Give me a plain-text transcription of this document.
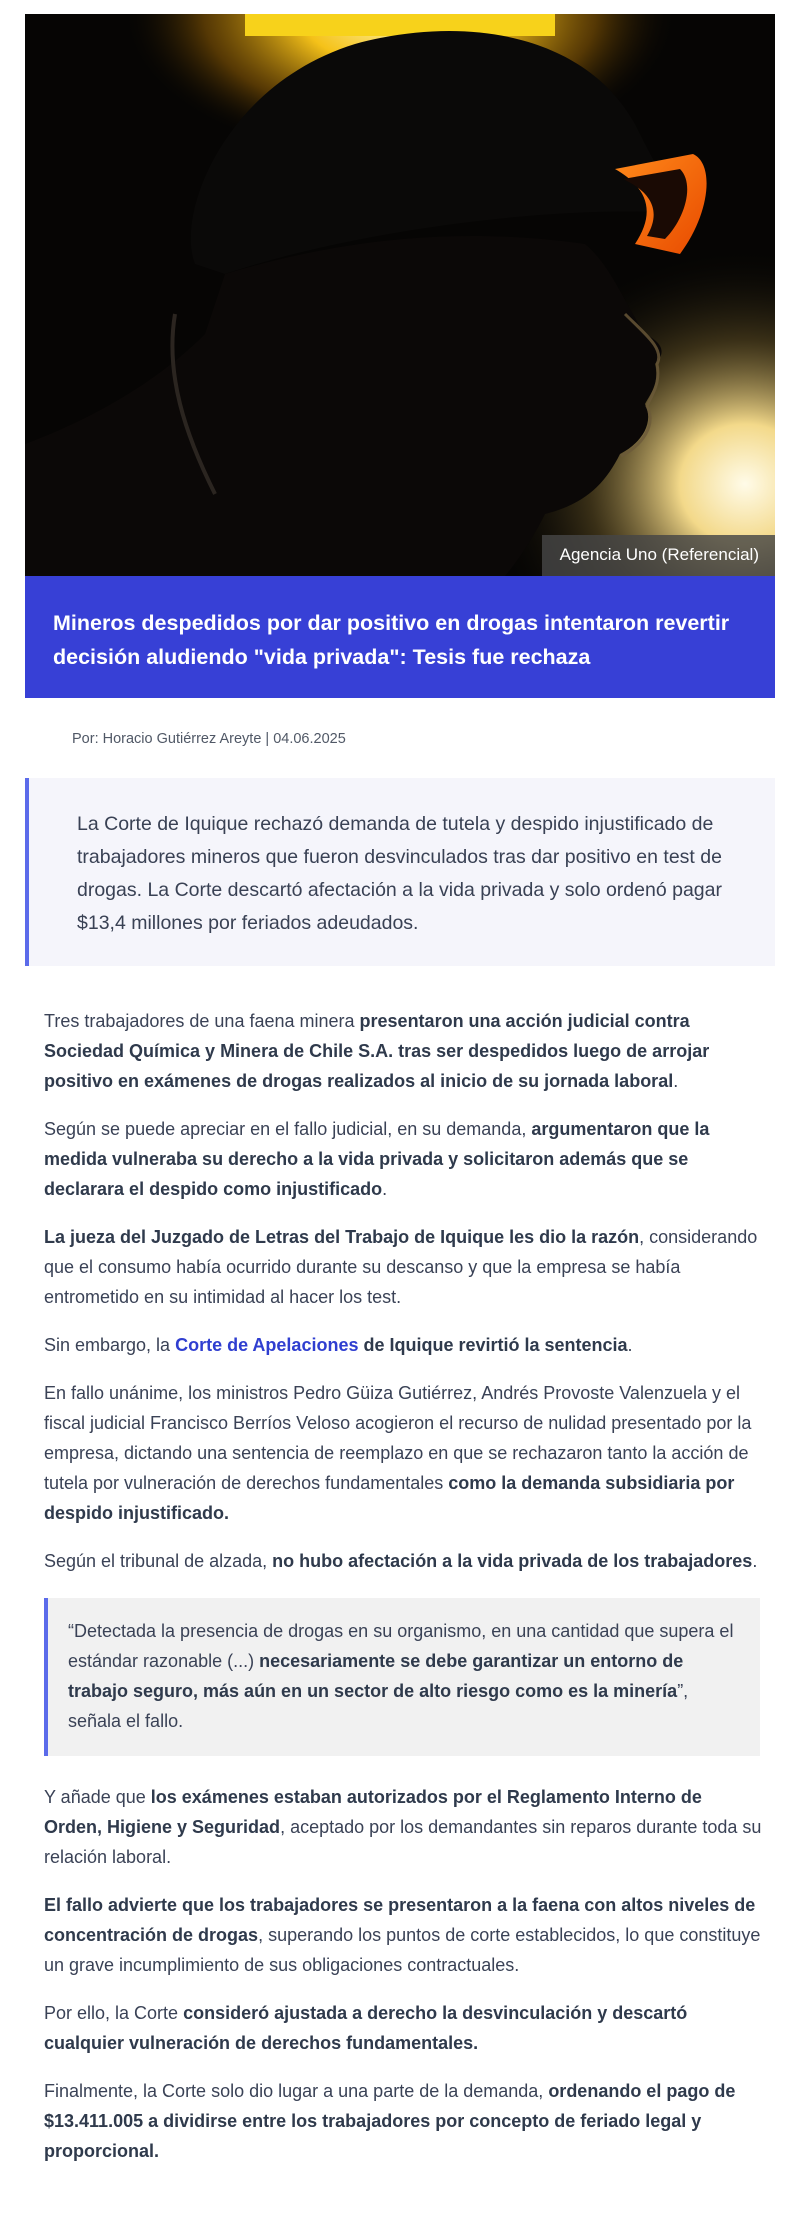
Agencia Uno (Referencial)
Mineros despedidos por dar positivo en drogas intentaron revertir decisión aludiendo "vida privada": Tesis fue rechaza
Por: Horacio Gutiérrez Areyte | 04.06.2025

La Corte de Iquique rechazó demanda de tutela y despido injustificado de trabajadores mineros que fueron desvinculados tras dar positivo en test de drogas. La Corte descartó afectación a la vida privada y solo ordenó pagar $13,4 millones por feriados adeudados.

Tres trabajadores de una faena minera presentaron una acción judicial contra Sociedad Química y Minera de Chile S.A. tras ser despedidos luego de arrojar positivo en exámenes de drogas realizados al inicio de su jornada laboral.

Según se puede apreciar en el fallo judicial, en su demanda, argumentaron que la medida vulneraba su derecho a la vida privada y solicitaron además que se declarara el despido como injustificado.

La jueza del Juzgado de Letras del Trabajo de Iquique les dio la razón, considerando que el consumo había ocurrido durante su descanso y que la empresa se había entrometido en su intimidad al hacer los test.

Sin embargo, la Corte de Apelaciones de Iquique revirtió la sentencia.

En fallo unánime, los ministros Pedro Güiza Gutiérrez, Andrés Provoste Valenzuela y el fiscal judicial Francisco Berríos Veloso acogieron el recurso de nulidad presentado por la empresa, dictando una sentencia de reemplazo en que se rechazaron tanto la acción de tutela por vulneración de derechos fundamentales como la demanda subsidiaria por despido injustificado.

Según el tribunal de alzada, no hubo afectación a la vida privada de los trabajadores.

“Detectada la presencia de drogas en su organismo, en una cantidad que supera el estándar razonable (...) necesariamente se debe garantizar un entorno de trabajo seguro, más aún en un sector de alto riesgo como es la minería”, señala el fallo.

Y añade que los exámenes estaban autorizados por el Reglamento Interno de Orden, Higiene y Seguridad, aceptado por los demandantes sin reparos durante toda su relación laboral.

El fallo advierte que los trabajadores se presentaron a la faena con altos niveles de concentración de drogas, superando los puntos de corte establecidos, lo que constituye un grave incumplimiento de sus obligaciones contractuales.

Por ello, la Corte consideró ajustada a derecho la desvinculación y descartó cualquier vulneración de derechos fundamentales.

Finalmente, la Corte solo dio lugar a una parte de la demanda, ordenando el pago de $13.411.005 a dividirse entre los trabajadores por concepto de feriado legal y proporcional.
